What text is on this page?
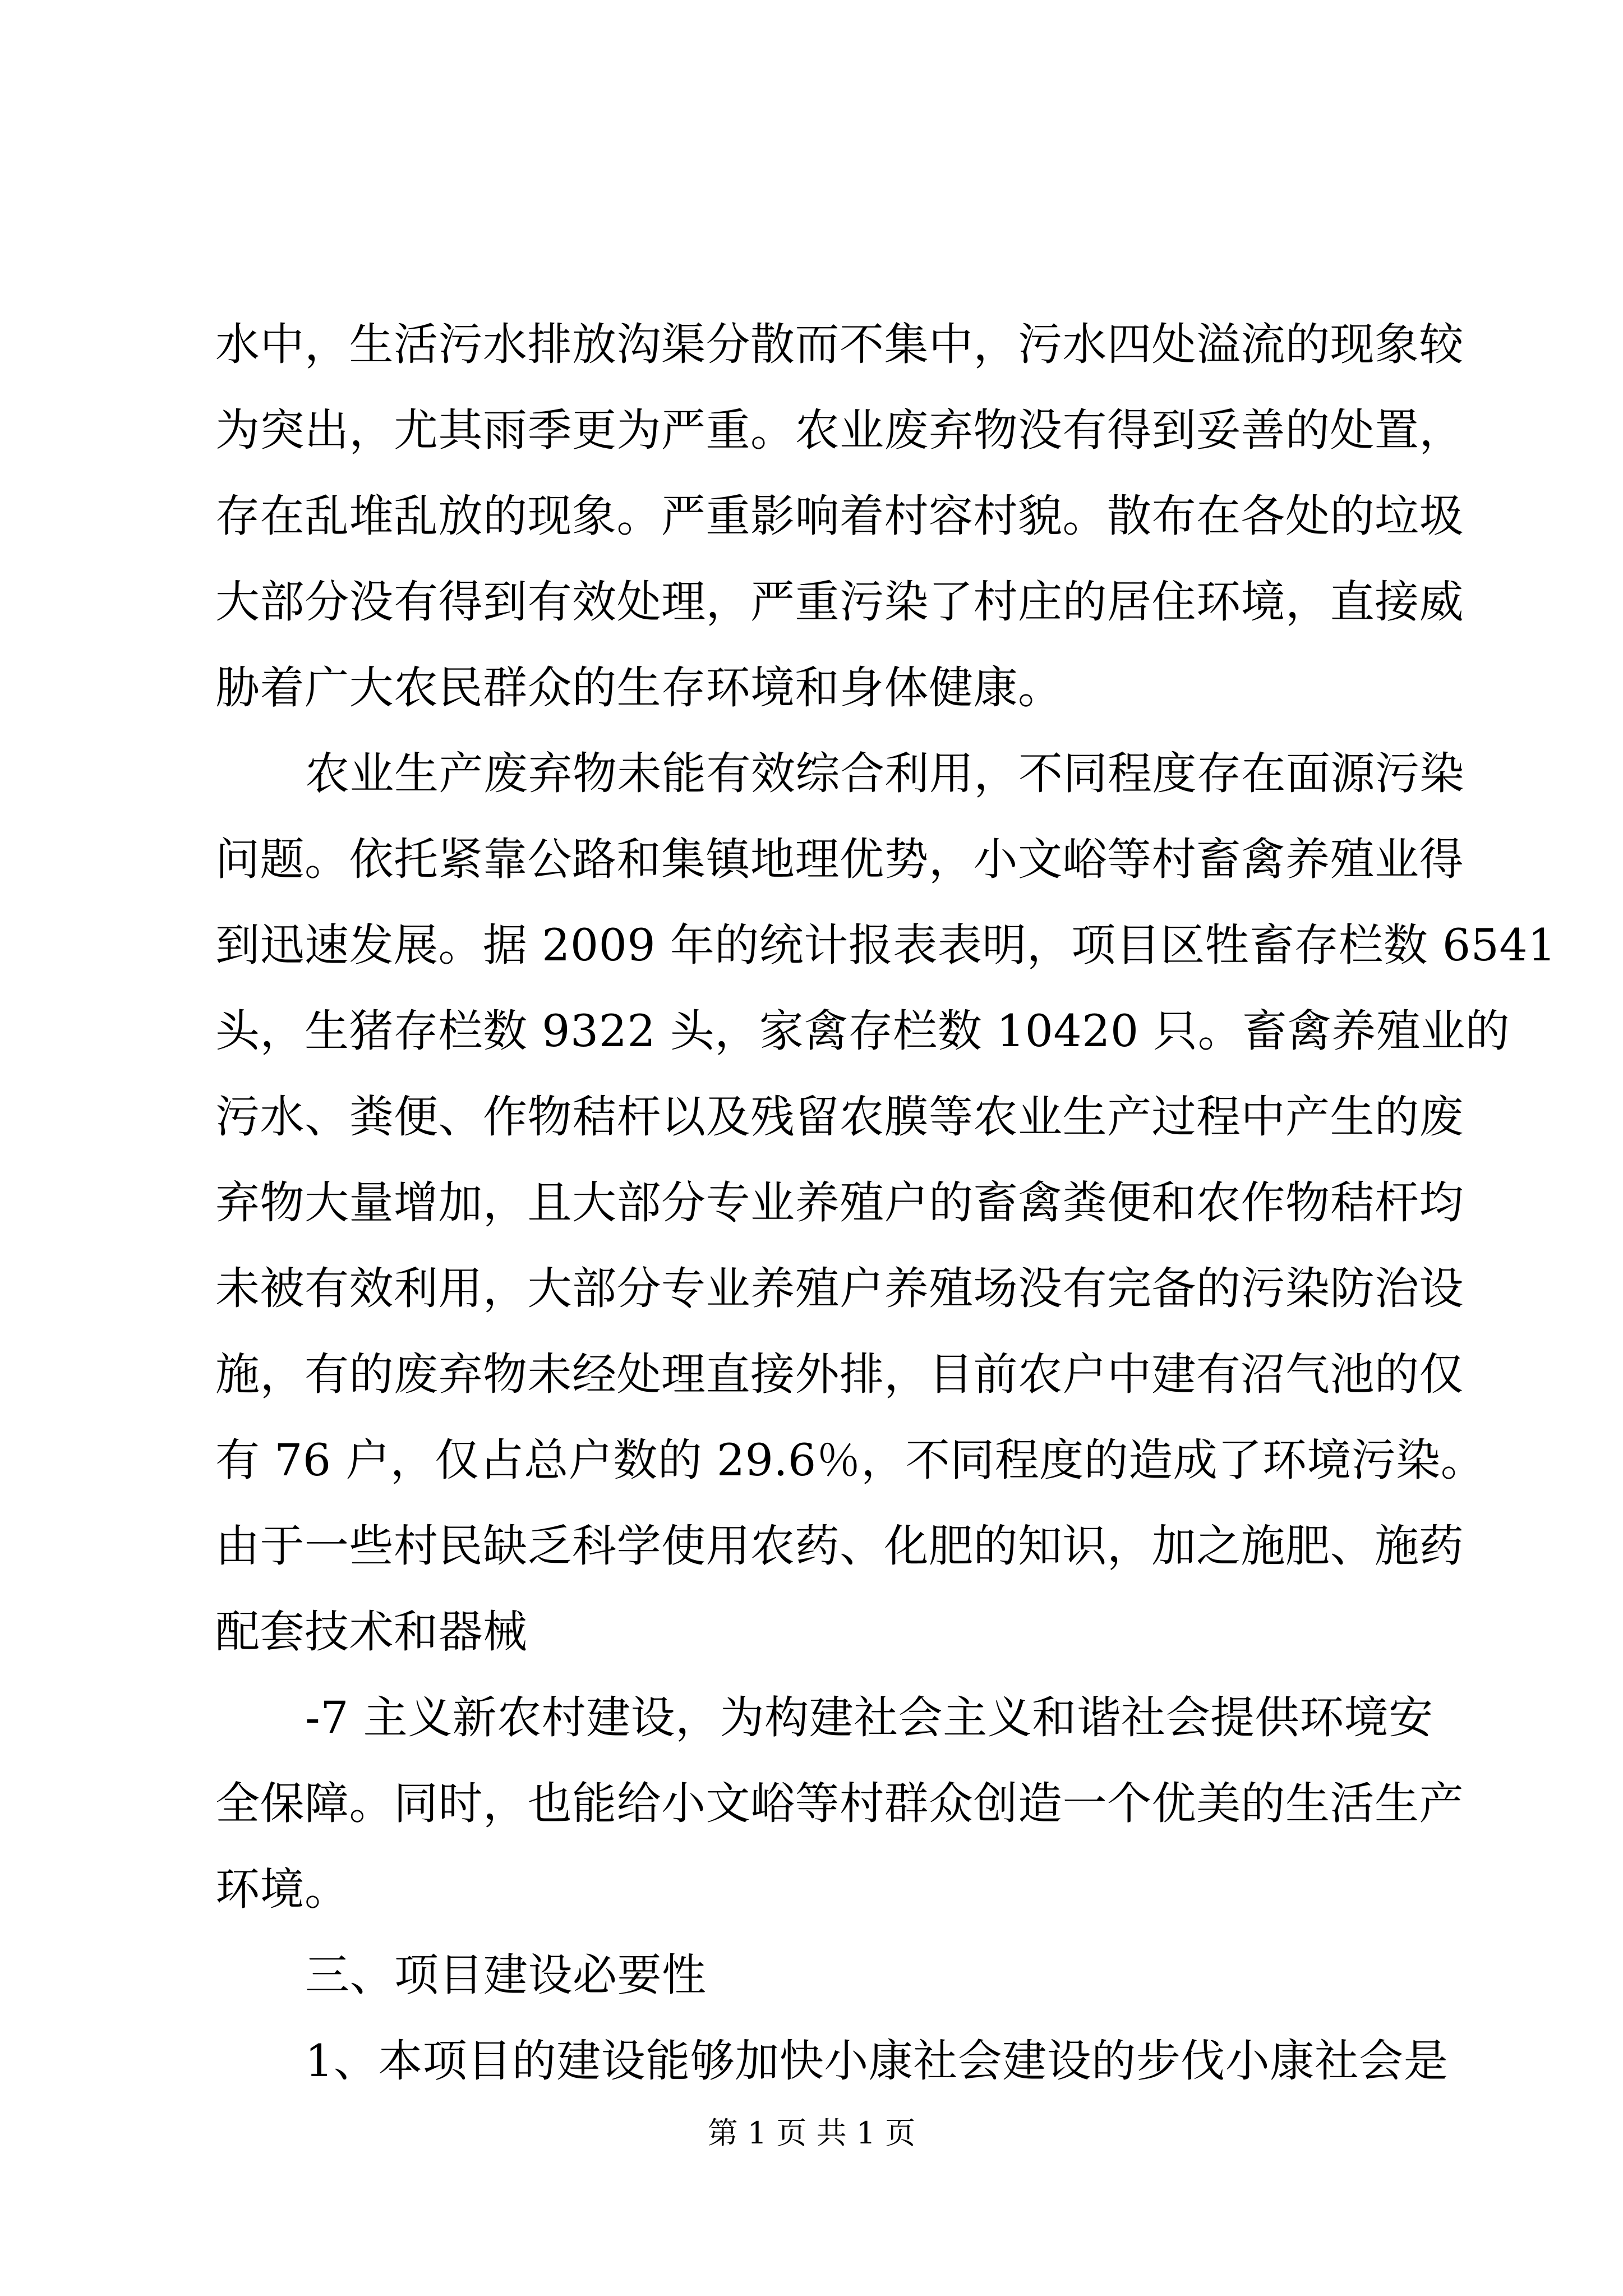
水中，生活污水排放沟渠分散而不集中，污水四处溢流的现象较
为突出，尤其雨季更为严重。农业废弃物没有得到妥善的处置，
存在乱堆乱放的现象。严重影响着村容村貌。散布在各处的垃圾
大部分没有得到有效处理，严重污染了村庄的居住环境，直接威
胁着广大农民群众的生存环境和身体健康。
农业生产废弃物未能有效综合利用，不同程度存在面源污染
问题。依托紧靠公路和集镇地理优势，小文峪等村畜禽养殖业得
到迅速发展。据 2009 年的统计报表表明，项目区牲畜存栏数 6541
头，生猪存栏数 9322 头，家禽存栏数 10420 只。畜禽养殖业的
污水、粪便、作物秸杆以及残留农膜等农业生产过程中产生的废
弃物大量增加，且大部分专业养殖户的畜禽粪便和农作物秸杆均
未被有效利用，大部分专业养殖户养殖场没有完备的污染防治设
施，有的废弃物未经处理直接外排，目前农户中建有沼气池的仅
有 76 户，仅占总户数的 29.6％，不同程度的造成了环境污染。
由于一些村民缺乏科学使用农药、化肥的知识，加之施肥、施药
配套技术和器械
-7 主义新农村建设，为构建社会主义和谐社会提供环境安
全保障。同时，也能给小文峪等村群众创造一个优美的生活生产
环境。
三、项目建设必要性
1、本项目的建设能够加快小康社会建设的步伐小康社会是
第 1 页 共 1 页
